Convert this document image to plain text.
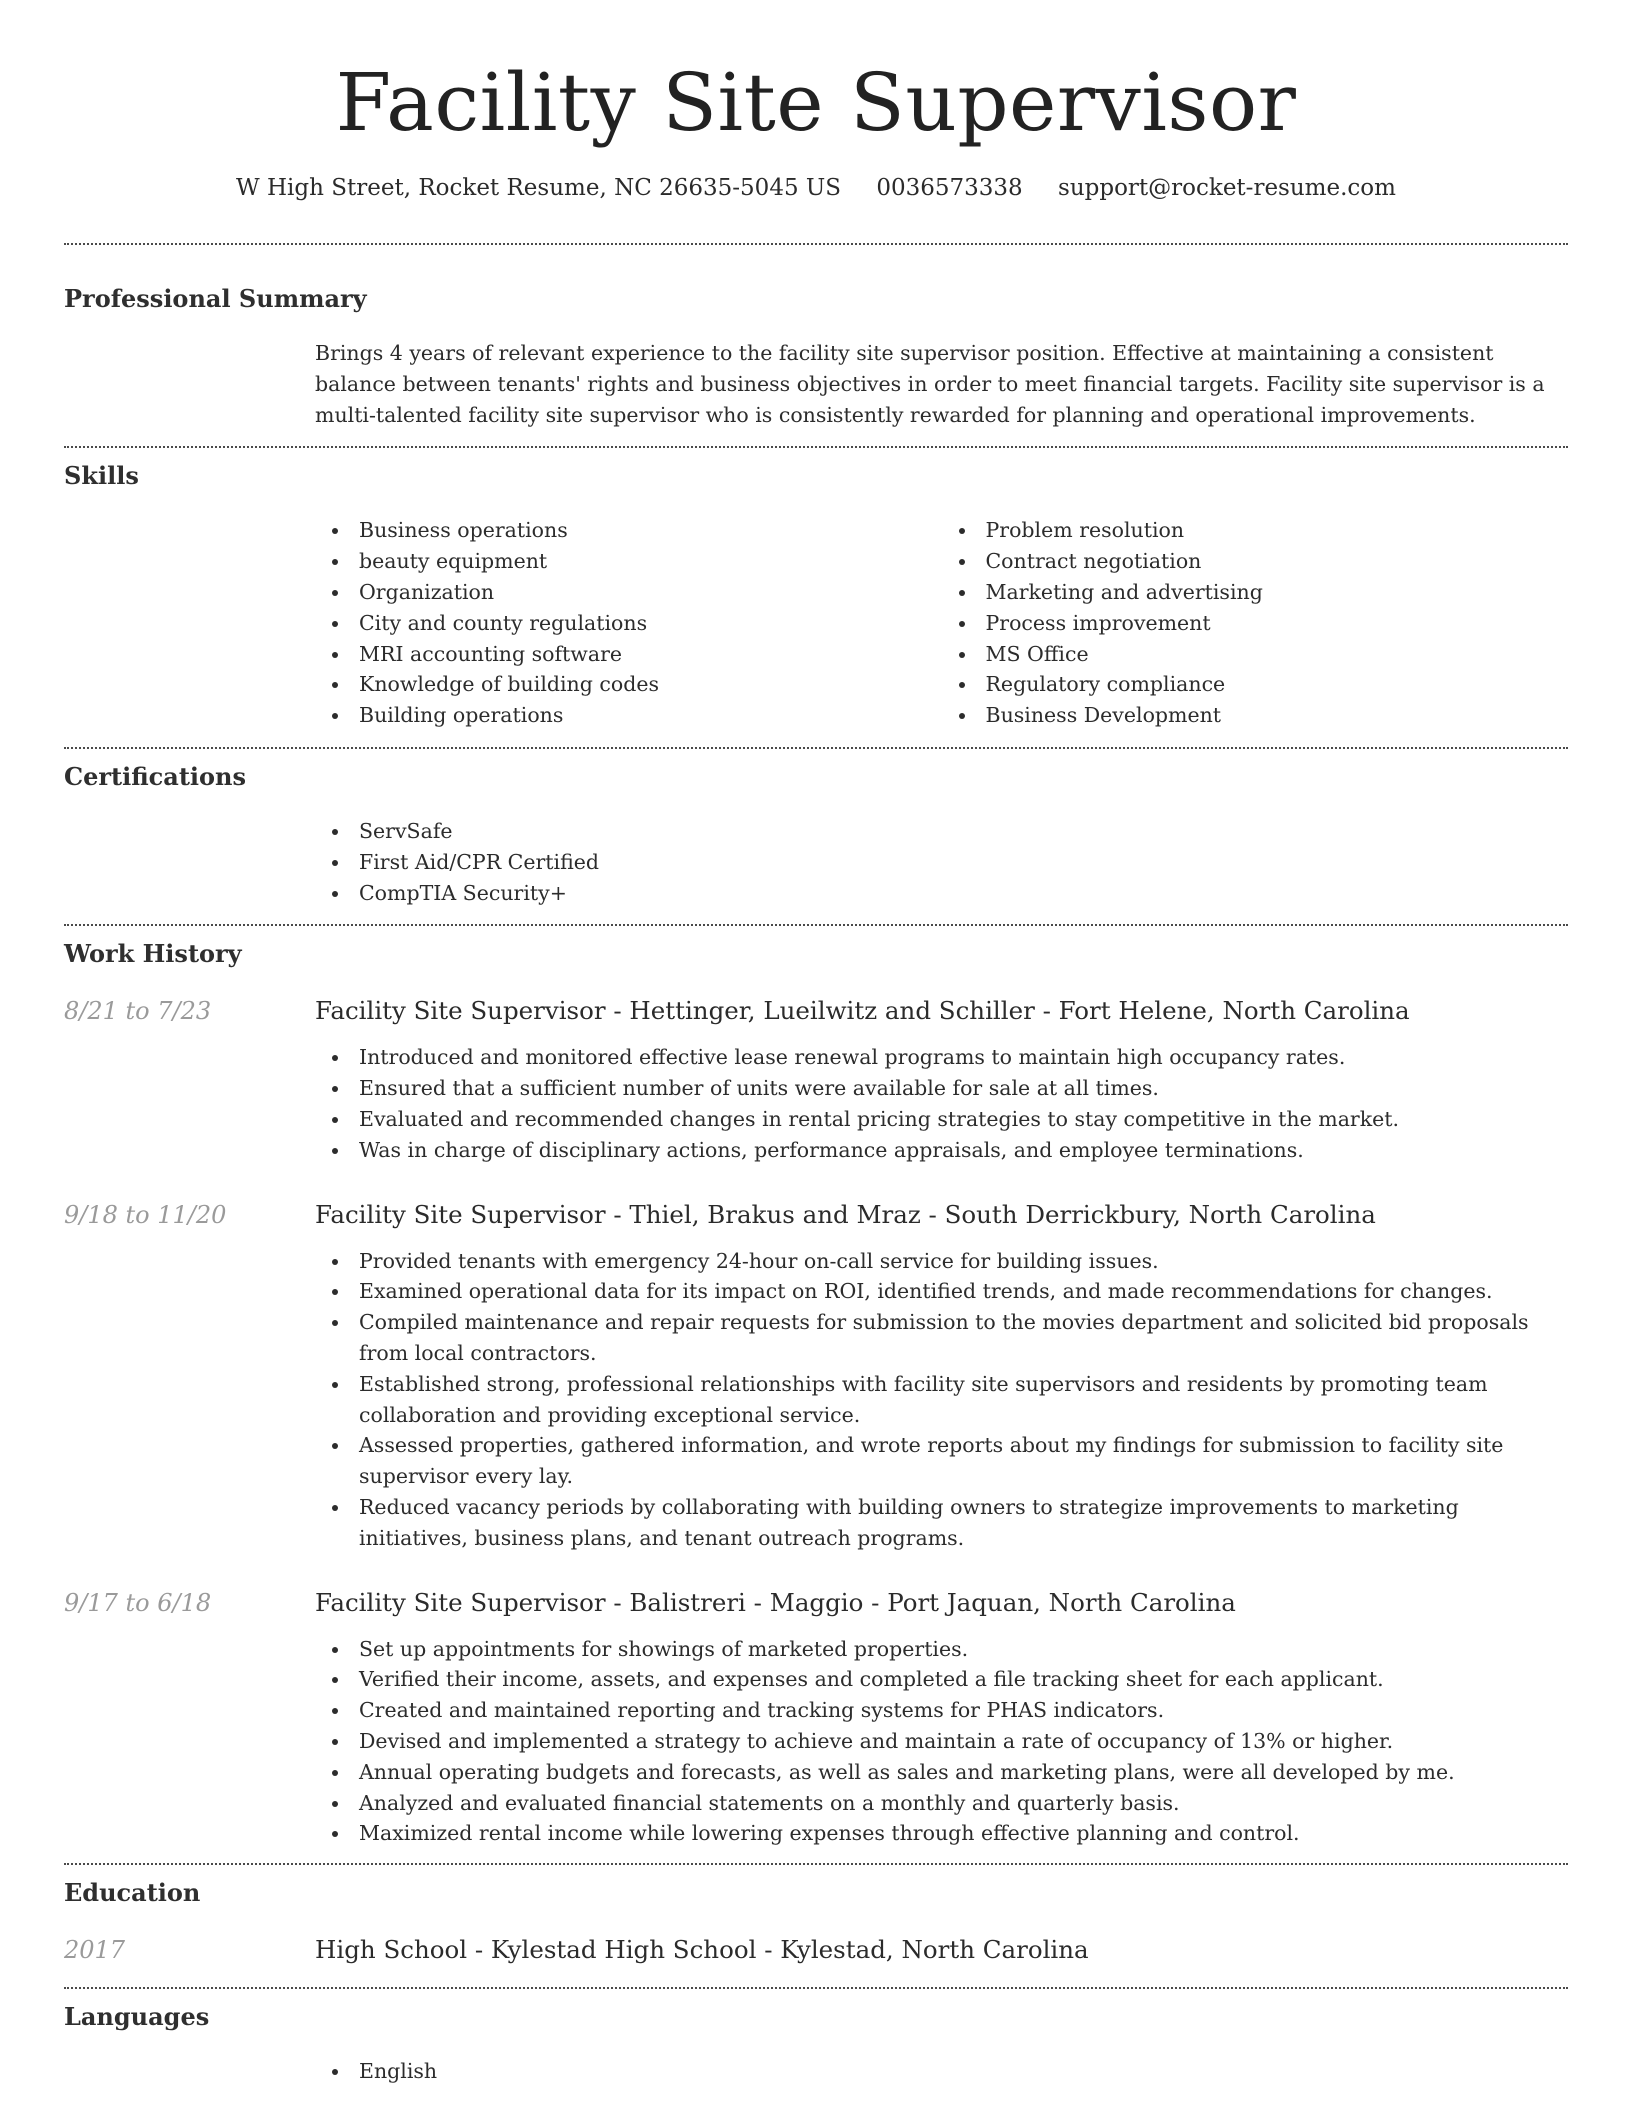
Facility Site Supervisor
W High Street, Rocket Resume, NC 26635-5045 US 0036573338 support@rocket-resume.com
Professional Summary

Brings 4 years of relevant experience to the facility site supervisor position. Effective at maintaining a consistent balance between tenants' rights and business objectives in order to meet financial targets. Facility site supervisor is a multi-talented facility site supervisor who is consistently rewarded for planning and operational improvements.

Skills
Business operations
beauty equipment
Organization
City and county regulations
MRI accounting software
Knowledge of building codes
Building operations
Problem resolution
Contract negotiation
Marketing and advertising
Process improvement
MS Office
Regulatory compliance
Business Development
Certifications
ServSafe
First Aid/CPR Certified
CompTIA Security+
Work History
8/21 to 7/23	Facility Site Supervisor - Hettinger, Lueilwitz and Schiller - Fort Helene, North Carolina
Introduced and monitored effective lease renewal programs to maintain high occupancy rates.
Ensured that a sufficient number of units were available for sale at all times.
Evaluated and recommended changes in rental pricing strategies to stay competitive in the market.
Was in charge of disciplinary actions, performance appraisals, and employee terminations.
9/18 to 11/20	Facility Site Supervisor - Thiel, Brakus and Mraz - South Derrickbury, North Carolina
Provided tenants with emergency 24-hour on-call service for building issues.
Examined operational data for its impact on ROI, identified trends, and made recommendations for changes.
Compiled maintenance and repair requests for submission to the movies department and solicited bid proposals from local contractors.
Established strong, professional relationships with facility site supervisors and residents by promoting team collaboration and providing exceptional service.
Assessed properties, gathered information, and wrote reports about my findings for submission to facility site supervisor every lay.
Reduced vacancy periods by collaborating with building owners to strategize improvements to marketing initiatives, business plans, and tenant outreach programs.
9/17 to 6/18	Facility Site Supervisor - Balistreri - Maggio - Port Jaquan, North Carolina
Set up appointments for showings of marketed properties.
Verified their income, assets, and expenses and completed a file tracking sheet for each applicant.
Created and maintained reporting and tracking systems for PHAS indicators.
Devised and implemented a strategy to achieve and maintain a rate of occupancy of 13% or higher.
Annual operating budgets and forecasts, as well as sales and marketing plans, were all developed by me.
Analyzed and evaluated financial statements on a monthly and quarterly basis.
Maximized rental income while lowering expenses through effective planning and control.
Education
2017	High School - Kylestad High School - Kylestad, North Carolina
Languages
English
